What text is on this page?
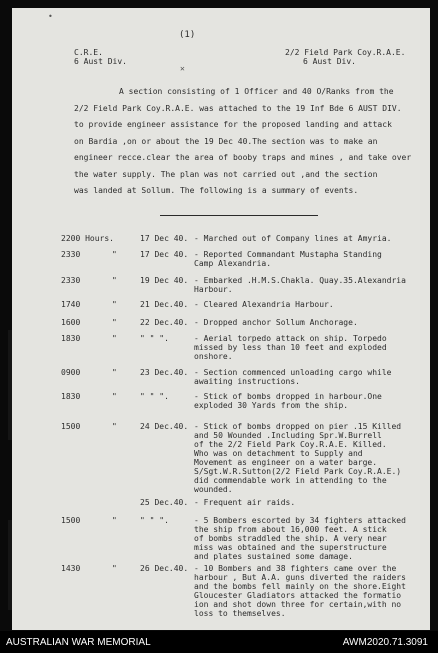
(1)
•
✕
C.R.E.
6 Aust Div.
2/2 Field Park Coy.R.A.E.
6 Aust Div.
A section consisting of 1 Officer and 40 O/Ranks from the
2/2 Field Park Coy.R.A.E. was attached to the 19 Inf Bde 6 AUST DIV.
to provide engineer assistance for the proposed landing and attack
on Bardia ,on or about the 19 Dec 40.The section was to make an
engineer recce.clear the area of booby traps and mines , and take over
the water supply. The plan was not carried out ,and the section
was landed at Sollum. The following is a summary of events.
2200 Hours.	17 Dec 40. - Marched out of Company lines at Amyria.
2330	"	17 Dec 40. - Reported Commandant Mustapha Standing
Camp Alexandria.
2330	"	19 Dec 40. - Embarked .H.M.S.Chakla. Quay.35.Alexandria
Harbour.
1740	"	21 Dec.40. - Cleared Alexandria Harbour.
1600	"	22 Dec.40. - Dropped anchor Sollum Anchorage.
1830	"	" " ".	- Aerial torpedo attack on ship. Torpedo
missed by less than 10 feet and exploded
onshore.
0900	"	23 Dec.40. - Section commenced unloading cargo while
awaiting instructions.
1830	"	" " ".	- Stick of bombs dropped in harbour.One
exploded 30 Yards from the ship.
1500	"	24 Dec.40. - Stick of bombs dropped on pier .15 Killed
and 50 Wounded .Including Spr.W.Burrell
of the 2/2 Field Park Coy.R.A.E. Killed.
Who was on detachment to Supply and
Movement as engineer on a water barge.
S/Sgt.W.R.Sutton(2/2 Field Park Coy.R.A.E.)
did commendable work in attending to the
wounded.
25 Dec.40. - Frequent air raids.
1500	"	" " ".	- 5 Bombers escorted by 34 fighters attacked
the ship from about 16,000 feet. A stick
of bombs straddled the ship. A very near
miss was obtained and the superstructure
and plates sustained some damage.
1430	"	26 Dec.40. - 10 Bombers and 38 fighters came over the
harbour , But A.A. guns diverted the raiders
and the bombs fell mainly on the shore.Eight
Gloucester Gladiators attacked the formatio
ion and shot down three for certain,with no
loss to themselves.
AUSTRALIAN WAR MEMORIAL	AWM2020.71.3091
